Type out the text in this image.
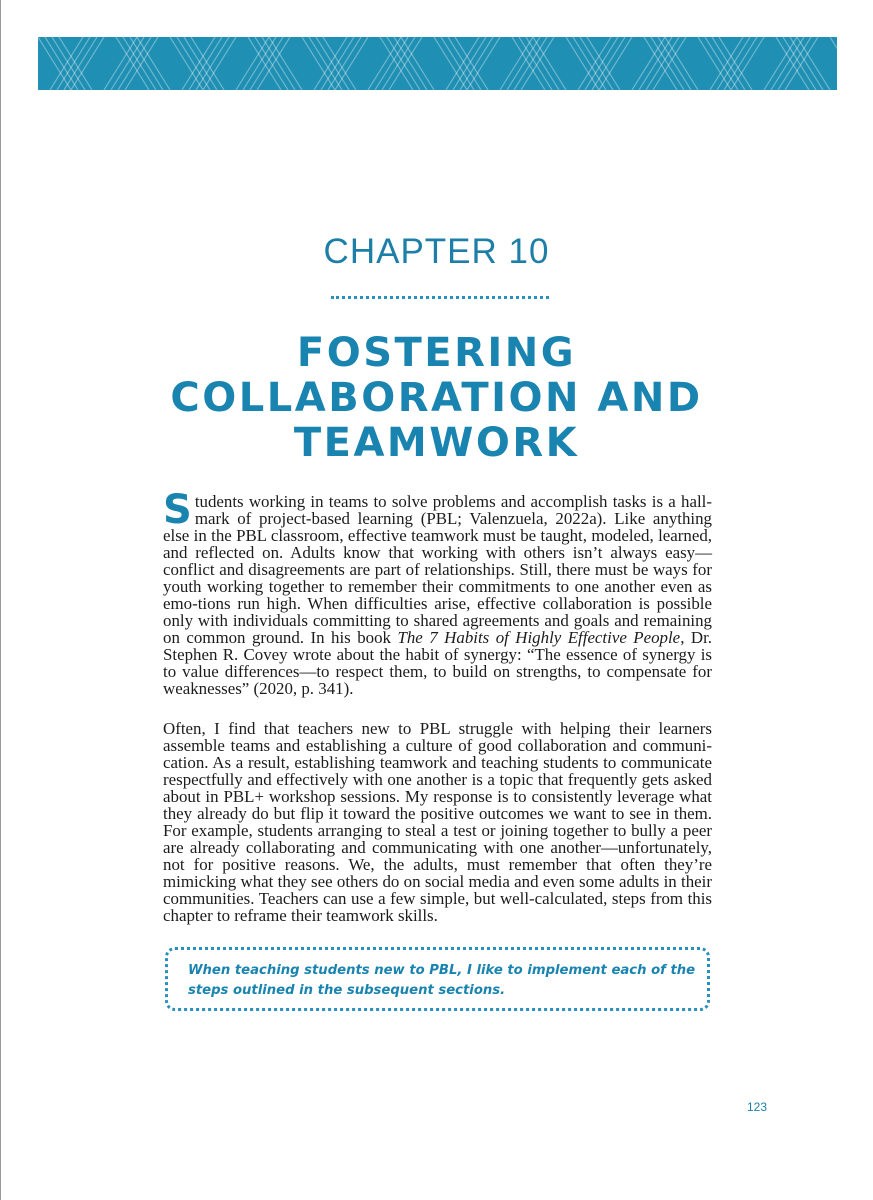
CHAPTER 10
FOSTERING
COLLABORATION AND
TEAMWORK

Students working in teams to solve problems and accomplish tasks is a hall-mark of project-based learning (PBL; Valenzuela, 2022a). Like anything else in the PBL classroom, effective teamwork must be taught, modeled, learned, and reflected on. Adults know that working with others isn’t always easy—conflict and disagreements are part of relationships. Still, there must be ways for youth working together to remember their commitments to one another even as emo-tions run high. When difficulties arise, effective collaboration is possible only with individuals committing to shared agreements and goals and remaining on common ground. In his book The 7 Habits of Highly Effective People, Dr. Stephen R. Covey wrote about the habit of synergy: “The essence of synergy is to value differences—to respect them, to build on strengths, to compensate for weaknesses” (2020, p. 341).

Often, I find that teachers new to PBL struggle with helping their learners assemble teams and establishing a culture of good collaboration and communi-cation. As a result, establishing teamwork and teaching students to communicate respectfully and effectively with one another is a topic that frequently gets asked about in PBL+ workshop sessions. My response is to consistently leverage what they already do but flip it toward the positive outcomes we want to see in them. For example, students arranging to steal a test or joining together to bully a peer are already collaborating and communicating with one another—unfortunately, not for positive reasons. We, the adults, must remember that often they’re mimicking what they see others do on social media and even some adults in their communities. Teachers can use a few simple, but well-calculated, steps from this chapter to reframe their teamwork skills.

When teaching students new to PBL, I like to implement each of the steps outlined in the subsequent sections.

123
